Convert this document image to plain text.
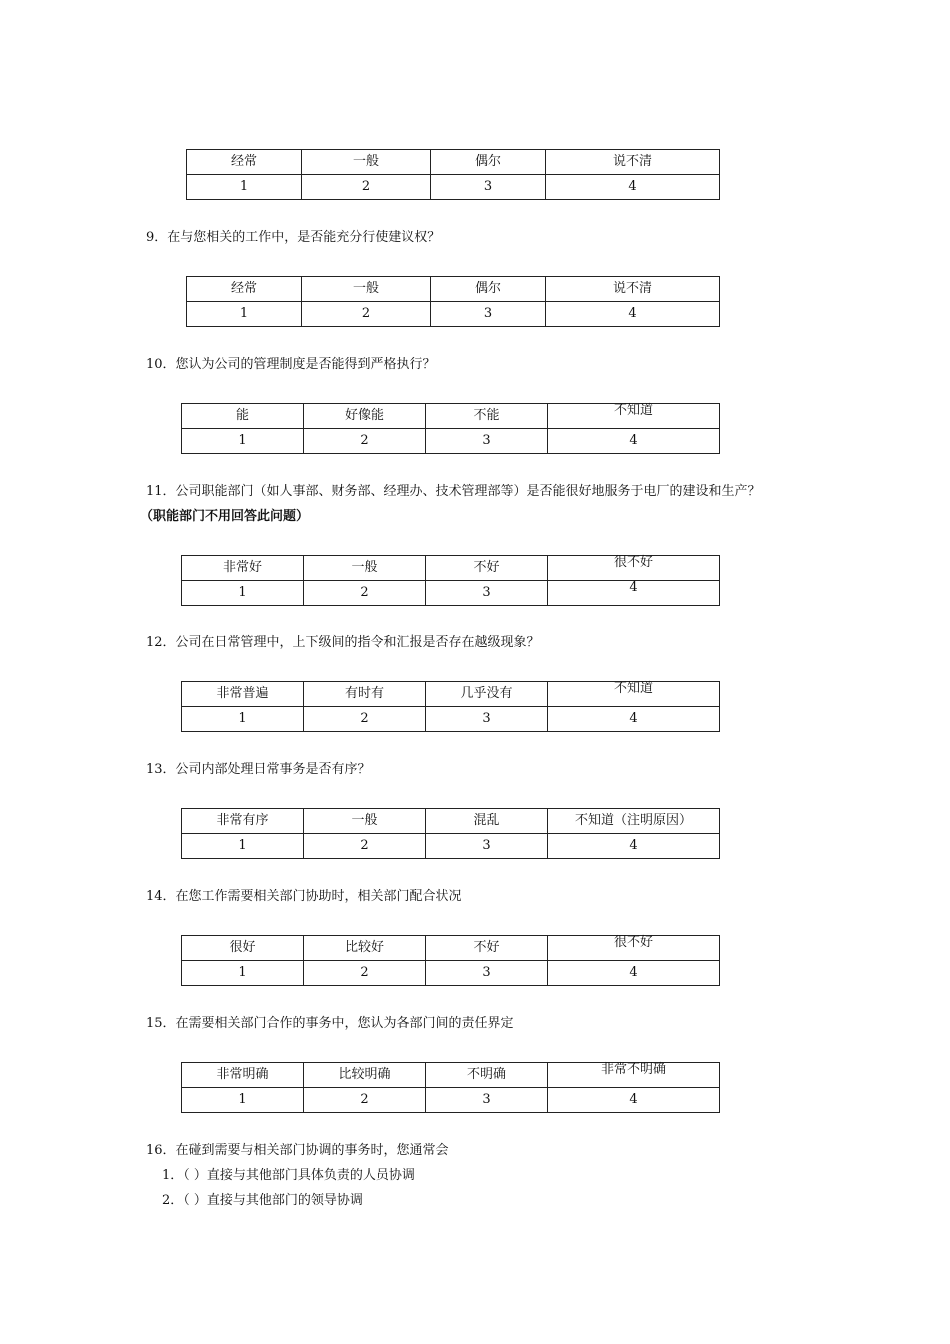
经常	一般	偶尔	说不清
1	2	3	4
9．在与您相关的工作中，是否能充分行使建议权？
经常	一般	偶尔	说不清
1	2	3	4
10．您认为公司的管理制度是否能得到严格执行？
能	好像能	不能	不知道
1	2	3	4
11．公司职能部门（如人事部、财务部、经理办、技术管理部等）是否能很好地服务于电厂的建设和生产？
（职能部门不用回答此问题）
非常好	一般	不好	很不好
1	2	3	4
12．公司在日常管理中，上下级间的指令和汇报是否存在越级现象？
非常普遍	有时有	几乎没有	不知道
1	2	3	4
13．公司内部处理日常事务是否有序？
非常有序	一般	混乱	不知道（注明原因）
1	2	3	4
14．在您工作需要相关部门协助时，相关部门配合状况
很好	比较好	不好	很不好
1	2	3	4
15．在需要相关部门合作的事务中，您认为各部门间的责任界定
非常明确	比较明确	不明确	非常不明确
1	2	3	4
16．在碰到需要与相关部门协调的事务时，您通常会
1．（ ）直接与其他部门具体负责的人员协调
2．（ ）直接与其他部门的领导协调
